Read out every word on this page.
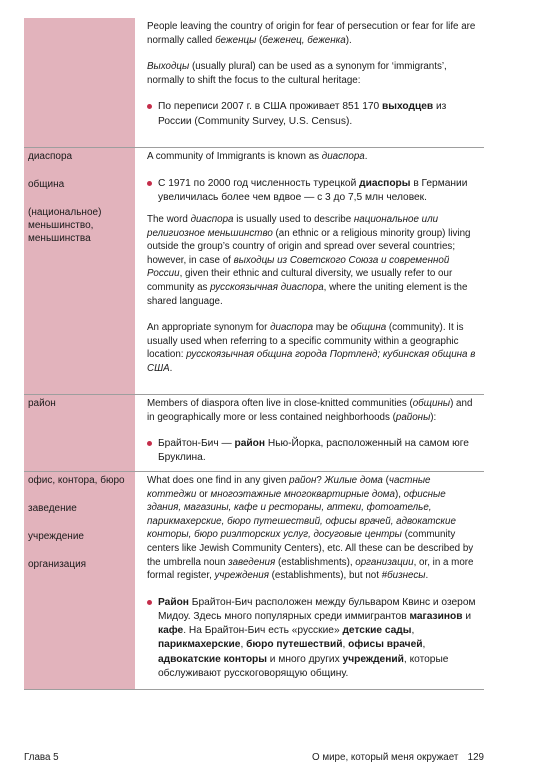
People leaving the country of origin for fear of persecution or fear for life are normally called беженцы (беженец, беженка).

Выходцы (usually plural) can be used as a synonym for ‘immigrants’, normally to shift the focus to the cultural heritage:

По переписи 2007 г. в США проживает 851 170 выходцев из России (Community Survey, U.S. Census).

диаспора

община

(национальное) меньшинство, меньшинства

A community of Immigrants is known as диаспора.

С 1971 по 2000 год численность турецкой диаспоры в Германии увеличилась более чем вдвое — с 3 до 7,5 млн человек.

The word диаспора is usually used to describe национальное или религиозное меньшинство (an ethnic or a religious minority group) living outside the group’s country of origin and spread over several countries; however, in case of выходцы из Советского Союза и современной России, given their ethnic and cultural diversity, we usually refer to our community as русскоязычная диаспора, where the uniting element is the shared language.

An appropriate synonym for диаспора may be община (community). It is usually used when referring to a specific community within a geographic location: русскоязычная община города Портленд; кубинская община в США.

район	Members of diaspora often live in close-knitted communities (общины) and in geographically more or less contained neighborhoods (районы):

Брайтон-Бич — район Нью-Йорка, расположенный на самом юге Бруклина.

офис, контора, бюро

заведение

учреждение

организация

What does one find in any given район? Жилые дома (частные коттеджи or многоэтажные многоквартирные дома), офисные здания, магазины, кафе и рестораны, аптеки, фотоателье, парикмахерские, бюро путешествий, офисы врачей, адвокатские конторы, бюро риэлторских услуг, досуговые центры (community centers like Jewish Community Centers), etc. All these can be described by the umbrella noun заведения (establishments), организации, or, in a more formal register, учреждения (establishments), but not #бизнесы.

Район Брайтон-Бич расположен между бульваром Квинс и озером Мидоу. Здесь много популярных среди иммигрантов магазинов и кафе. На Брайтон-Бич есть «русские» детские сады, парикмахерские, бюро путешествий, офисы врачей, адвокатские конторы и много других учреждений, которые обслуживают русскоговорящую общину.
Глава 5	О мире, который меня окружает 129
